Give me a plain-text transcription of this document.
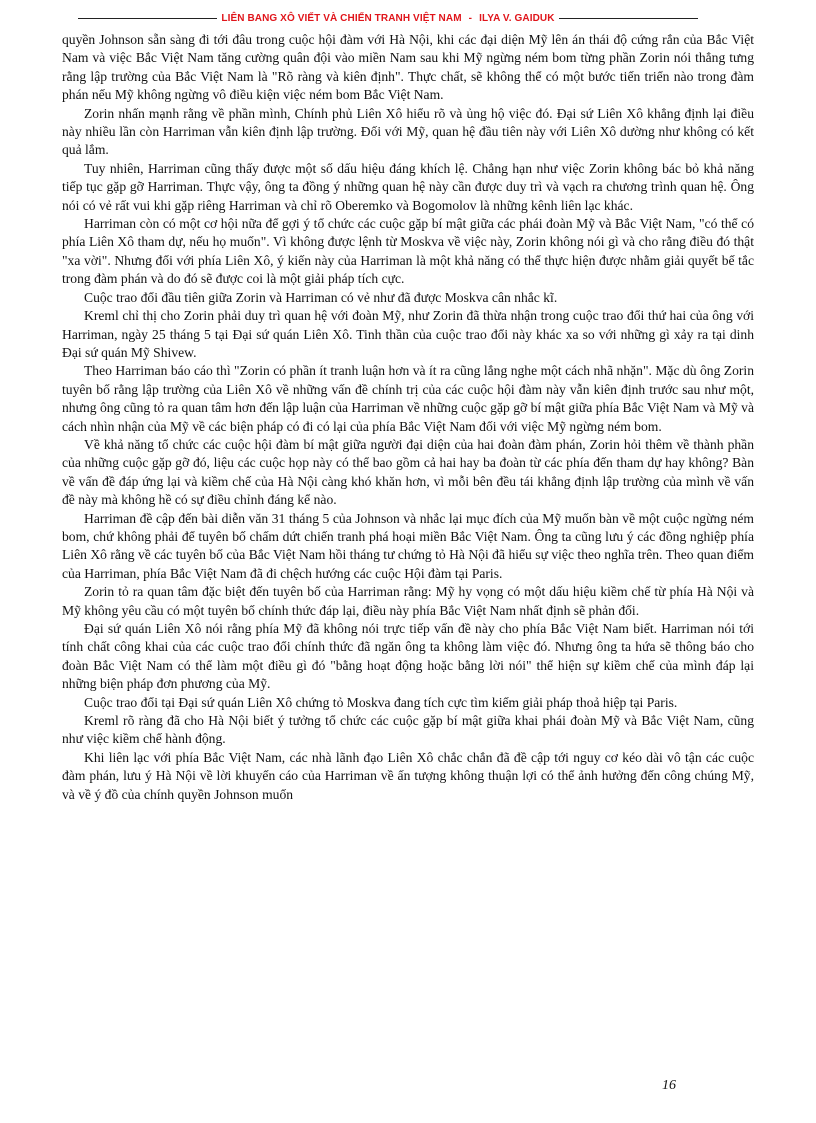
LIÊN BANG XÔ VIẾT VÀ CHIẾN TRANH VIỆT NAM - ILYA V. GAIDUK

quyền Johnson sẵn sàng đi tới đâu trong cuộc hội đàm với Hà Nội, khi các đại diện Mỹ lên án thái độ cứng rắn của Bắc Việt Nam và việc Bắc Việt Nam tăng cường quân đội vào miền Nam sau khi Mỹ ngừng ném bom từng phần Zorin nói thẳng tưng rằng lập trường của Bắc Việt Nam là "Rõ ràng và kiên định". Thực chất, sẽ không thể có một bước tiến triển nào trong đàm phán nếu Mỹ không ngừng vô điều kiện việc ném bom Bắc Việt Nam.

Zorin nhấn mạnh rằng về phần mình, Chính phủ Liên Xô hiểu rõ và ủng hộ việc đó. Đại sứ Liên Xô khẳng định lại điều này nhiều lần còn Harriman vẫn kiên định lập trường. Đối với Mỹ, quan hệ đầu tiên này với Liên Xô dường như không có kết quả lắm.

Tuy nhiên, Harriman cũng thấy được một số dấu hiệu đáng khích lệ. Chẳng hạn như việc Zorin không bác bỏ khả năng tiếp tục gặp gỡ Harriman. Thực vậy, ông ta đồng ý những quan hệ này cần được duy trì và vạch ra chương trình quan hệ. Ông nói có vẻ rất vui khi gặp riêng Harriman và chỉ rõ Oberemko và Bogomolov là những kênh liên lạc khác.

Harriman còn có một cơ hội nữa để gợi ý tổ chức các cuộc gặp bí mật giữa các phái đoàn Mỹ và Bắc Việt Nam, "có thể có phía Liên Xô tham dự, nếu họ muốn". Vì không được lệnh từ Moskva về việc này, Zorin không nói gì và cho rằng điều đó thật "xa vời". Nhưng đối với phía Liên Xô, ý kiến này của Harriman là một khả năng có thể thực hiện được nhằm giải quyết bế tắc trong đàm phán và do đó sẽ được coi là một giải pháp tích cực.

Cuộc trao đổi đầu tiên giữa Zorin và Harriman có vẻ như đã được Moskva cân nhắc kĩ.

Kreml chỉ thị cho Zorin phải duy trì quan hệ với đoàn Mỹ, như Zorin đã thừa nhận trong cuộc trao đổi thứ hai của ông với Harriman, ngày 25 tháng 5 tại Đại sứ quán Liên Xô. Tinh thần của cuộc trao đổi này khác xa so với những gì xảy ra tại dinh Đại sứ quán Mỹ Shivew.

Theo Harriman báo cáo thì "Zorin có phần ít tranh luận hơn và ít ra cũng lắng nghe một cách nhã nhặn". Mặc dù ông Zorin tuyên bố rằng lập trường của Liên Xô về những vấn đề chính trị của các cuộc hội đàm này vẫn kiên định trước sau như một, nhưng ông cũng tỏ ra quan tâm hơn đến lập luận của Harriman về những cuộc gặp gỡ bí mật giữa phía Bắc Việt Nam và Mỹ và cách nhìn nhận của Mỹ về các biện pháp có đi có lại của phía Bắc Việt Nam đối với việc Mỹ ngừng ném bom.

Về khả năng tổ chức các cuộc hội đàm bí mật giữa người đại diện của hai đoàn đàm phán, Zorin hỏi thêm về thành phần của những cuộc gặp gỡ đó, liệu các cuộc họp này có thể bao gồm cả hai hay ba đoàn từ các phía đến tham dự hay không? Bàn về vấn đề đáp ứng lại và kiềm chế của Hà Nội càng khó khăn hơn, vì mỗi bên đều tái khẳng định lập trường của mình về vấn đề này mà không hề có sự điều chỉnh đáng kể nào.

Harriman đề cập đến bài diễn văn 31 tháng 5 của Johnson và nhắc lại mục đích của Mỹ muốn bàn về một cuộc ngừng ném bom, chứ không phải để tuyên bố chấm dứt chiến tranh phá hoại miền Bắc Việt Nam. Ông ta cũng lưu ý các đồng nghiệp phía Liên Xô rằng về các tuyên bố của Bắc Việt Nam hồi tháng tư chứng tỏ Hà Nội đã hiểu sự việc theo nghĩa trên. Theo quan điểm của Harriman, phía Bắc Việt Nam đã đi chệch hướng các cuộc Hội đàm tại Paris.

Zorin tỏ ra quan tâm đặc biệt đến tuyên bố của Harriman rằng: Mỹ hy vọng có một dấu hiệu kiềm chế từ phía Hà Nội và Mỹ không yêu cầu có một tuyên bố chính thức đáp lại, điều này phía Bắc Việt Nam nhất định sẽ phản đối.

Đại sứ quán Liên Xô nói rằng phía Mỹ đã không nói trực tiếp vấn đề này cho phía Bắc Việt Nam biết. Harriman nói tới tính chất công khai của các cuộc trao đổi chính thức đã ngăn ông ta không làm việc đó. Nhưng ông ta hứa sẽ thông báo cho đoàn Bắc Việt Nam có thể làm một điều gì đó "bằng hoạt động hoặc bằng lời nói" thể hiện sự kiềm chế của mình đáp lại những biện pháp đơn phương của Mỹ.

Cuộc trao đổi tại Đại sứ quán Liên Xô chứng tỏ Moskva đang tích cực tìm kiếm giải pháp thoả hiệp tại Paris.

Kreml rõ ràng đã cho Hà Nội biết ý tưởng tổ chức các cuộc gặp bí mật giữa khai phái đoàn Mỹ và Bắc Việt Nam, cũng như việc kiềm chế hành động.

Khi liên lạc với phía Bắc Việt Nam, các nhà lãnh đạo Liên Xô chắc chắn đã đề cập tới nguy cơ kéo dài vô tận các cuộc đàm phán, lưu ý Hà Nội về lời khuyến cáo của Harriman về ấn tượng không thuận lợi có thể ảnh hưởng đến công chúng Mỹ, và về ý đồ của chính quyền Johnson muốn

16
